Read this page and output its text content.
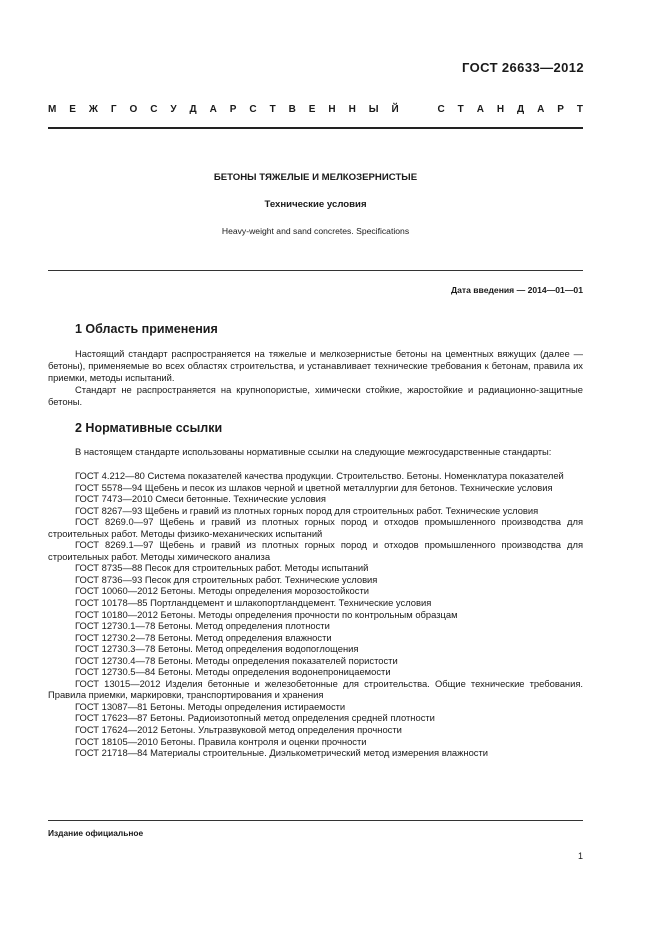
ГОСТ 26633—2012
М Е Ж Г О С У Д А Р С Т В Е Н Н Ы Й	С Т А Н Д А Р Т
БЕТОНЫ ТЯЖЕЛЫЕ И МЕЛКОЗЕРНИСТЫЕ
Технические условия
Heavy-weight and sand concretes. Specifications
Дата введения — 2014—01—01
1 Область применения
Настоящий стандарт распространяется на тяжелые и мелкозернистые бетоны на цементных вяжущих (далее — бетоны), применяемые во всех областях строительства, и устанавливает технические требования к бетонам, правила их приемки, методы испытаний.
Стандарт не распространяется на крупнопористые, химически стойкие, жаростойкие и радиационно-защитные бетоны.
2 Нормативные ссылки
В настоящем стандарте использованы нормативные ссылки на следующие межгосударственные стандарты:
ГОСТ 4.212—80 Система показателей качества продукции. Строительство. Бетоны. Номенклатура показателей
ГОСТ 5578—94 Щебень и песок из шлаков черной и цветной металлургии для бетонов. Технические условия
ГОСТ 7473—2010 Смеси бетонные. Технические условия
ГОСТ 8267—93 Щебень и гравий из плотных горных пород для строительных работ. Технические условия
ГОСТ 8269.0—97 Щебень и гравий из плотных горных пород и отходов промышленного производства для строительных работ. Методы физико-механических испытаний
ГОСТ 8269.1—97 Щебень и гравий из плотных горных пород и отходов промышленного производства для строительных работ. Методы химического анализа
ГОСТ 8735—88 Песок для строительных работ. Методы испытаний
ГОСТ 8736—93 Песок для строительных работ. Технические условия
ГОСТ 10060—2012 Бетоны. Методы определения морозостойкости
ГОСТ 10178—85 Портландцемент и шлакопортландцемент. Технические условия
ГОСТ 10180—2012 Бетоны. Методы определения прочности по контрольным образцам
ГОСТ 12730.1—78 Бетоны. Метод определения плотности
ГОСТ 12730.2—78 Бетоны. Метод определения влажности
ГОСТ 12730.3—78 Бетоны. Метод определения водопоглощения
ГОСТ 12730.4—78 Бетоны. Методы определения показателей пористости
ГОСТ 12730.5—84 Бетоны. Методы определения водонепроницаемости
ГОСТ 13015—2012 Изделия бетонные и железобетонные для строительства. Общие технические требования. Правила приемки, маркировки, транспортирования и хранения
ГОСТ 13087—81 Бетоны. Методы определения истираемости
ГОСТ 17623—87 Бетоны. Радиоизотопный метод определения средней плотности
ГОСТ 17624—2012 Бетоны. Ультразвуковой метод определения прочности
ГОСТ 18105—2010 Бетоны. Правила контроля и оценки прочности
ГОСТ 21718—84 Материалы строительные. Диэлькометрический метод измерения влажности
Издание официальное
1
